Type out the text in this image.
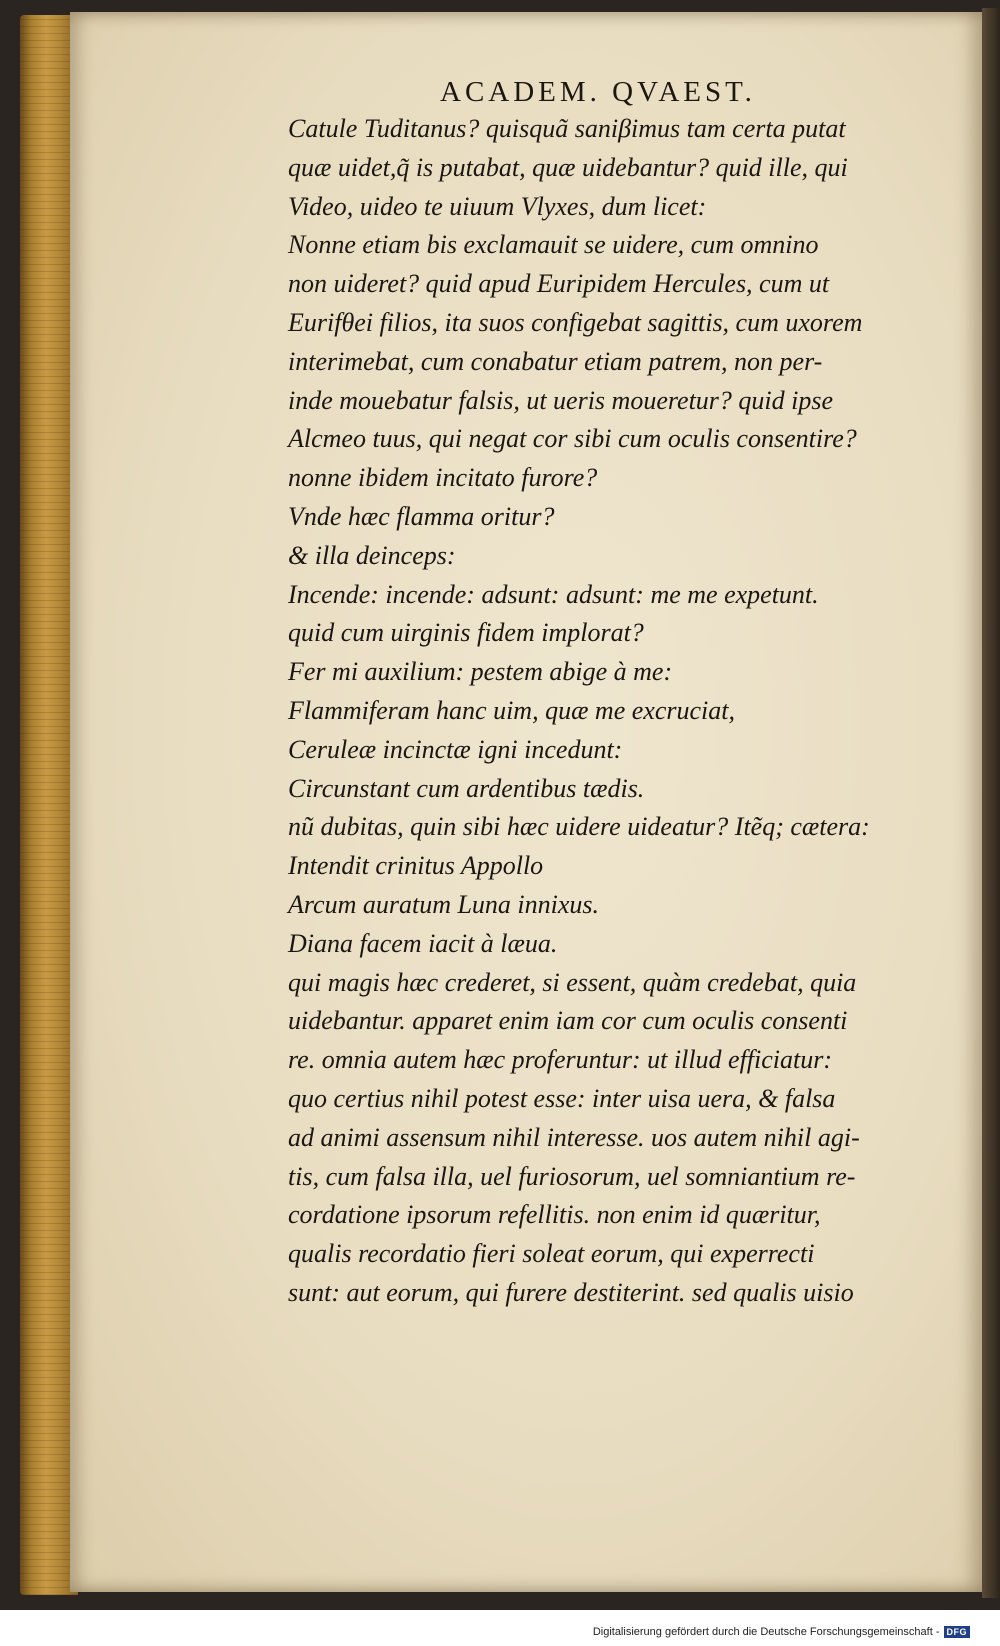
ACADEM. QVAEST.
Catule Tuditanus? quisquã saniβimus tam certa putat
quæ uidet,q̃ is putabat, quæ uidebantur? quid ille, qui
Video, uideo te uiuum Vlyxes, dum licet:
Nonne etiam bis exclamauit se uidere, cum omnino
non uideret? quid apud Euripidem Hercules, cum ut
Eurifθei filios, ita suos configebat sagittis, cum uxorem
interimebat, cum conabatur etiam patrem, non per-
inde mouebatur falsis, ut ueris moueretur? quid ipse
Alcmeo tuus, qui negat cor sibi cum oculis consentire?
nonne ibidem incitato furore?
Vnde hæc flamma oritur?
& illa deinceps:
Incende: incende: adsunt: adsunt: me me expetunt.
quid cum uirginis fidem implorat?
Fer mi auxilium: pestem abige à me:
Flammiferam hanc uim, quæ me excruciat,
Ceruleæ incinctæ igni incedunt:
Circunstant cum ardentibus tædis.
nũ dubitas, quin sibi hæc uidere uideatur? Itẽq; cætera:
Intendit crinitus Appollo
Arcum auratum Luna innixus.
Diana facem iacit à læua.
qui magis hæc crederet, si essent, quàm credebat, quia
uidebantur. apparet enim iam cor cum oculis consenti
re. omnia autem hæc proferuntur: ut illud efficiatur:
quo certius nihil potest esse: inter uisa uera, & falsa
ad animi assensum nihil interesse. uos autem nihil agi-
tis, cum falsa illa, uel furiosorum, uel somniantium re-
cordatione ipsorum refellitis. non enim id quæritur,
qualis recordatio fieri soleat eorum, qui experrecti
sunt: aut eorum, qui furere destiterint. sed qualis uisio
Digitalisierung gefördert durch die Deutsche Forschungsgemeinschaft - DFG
